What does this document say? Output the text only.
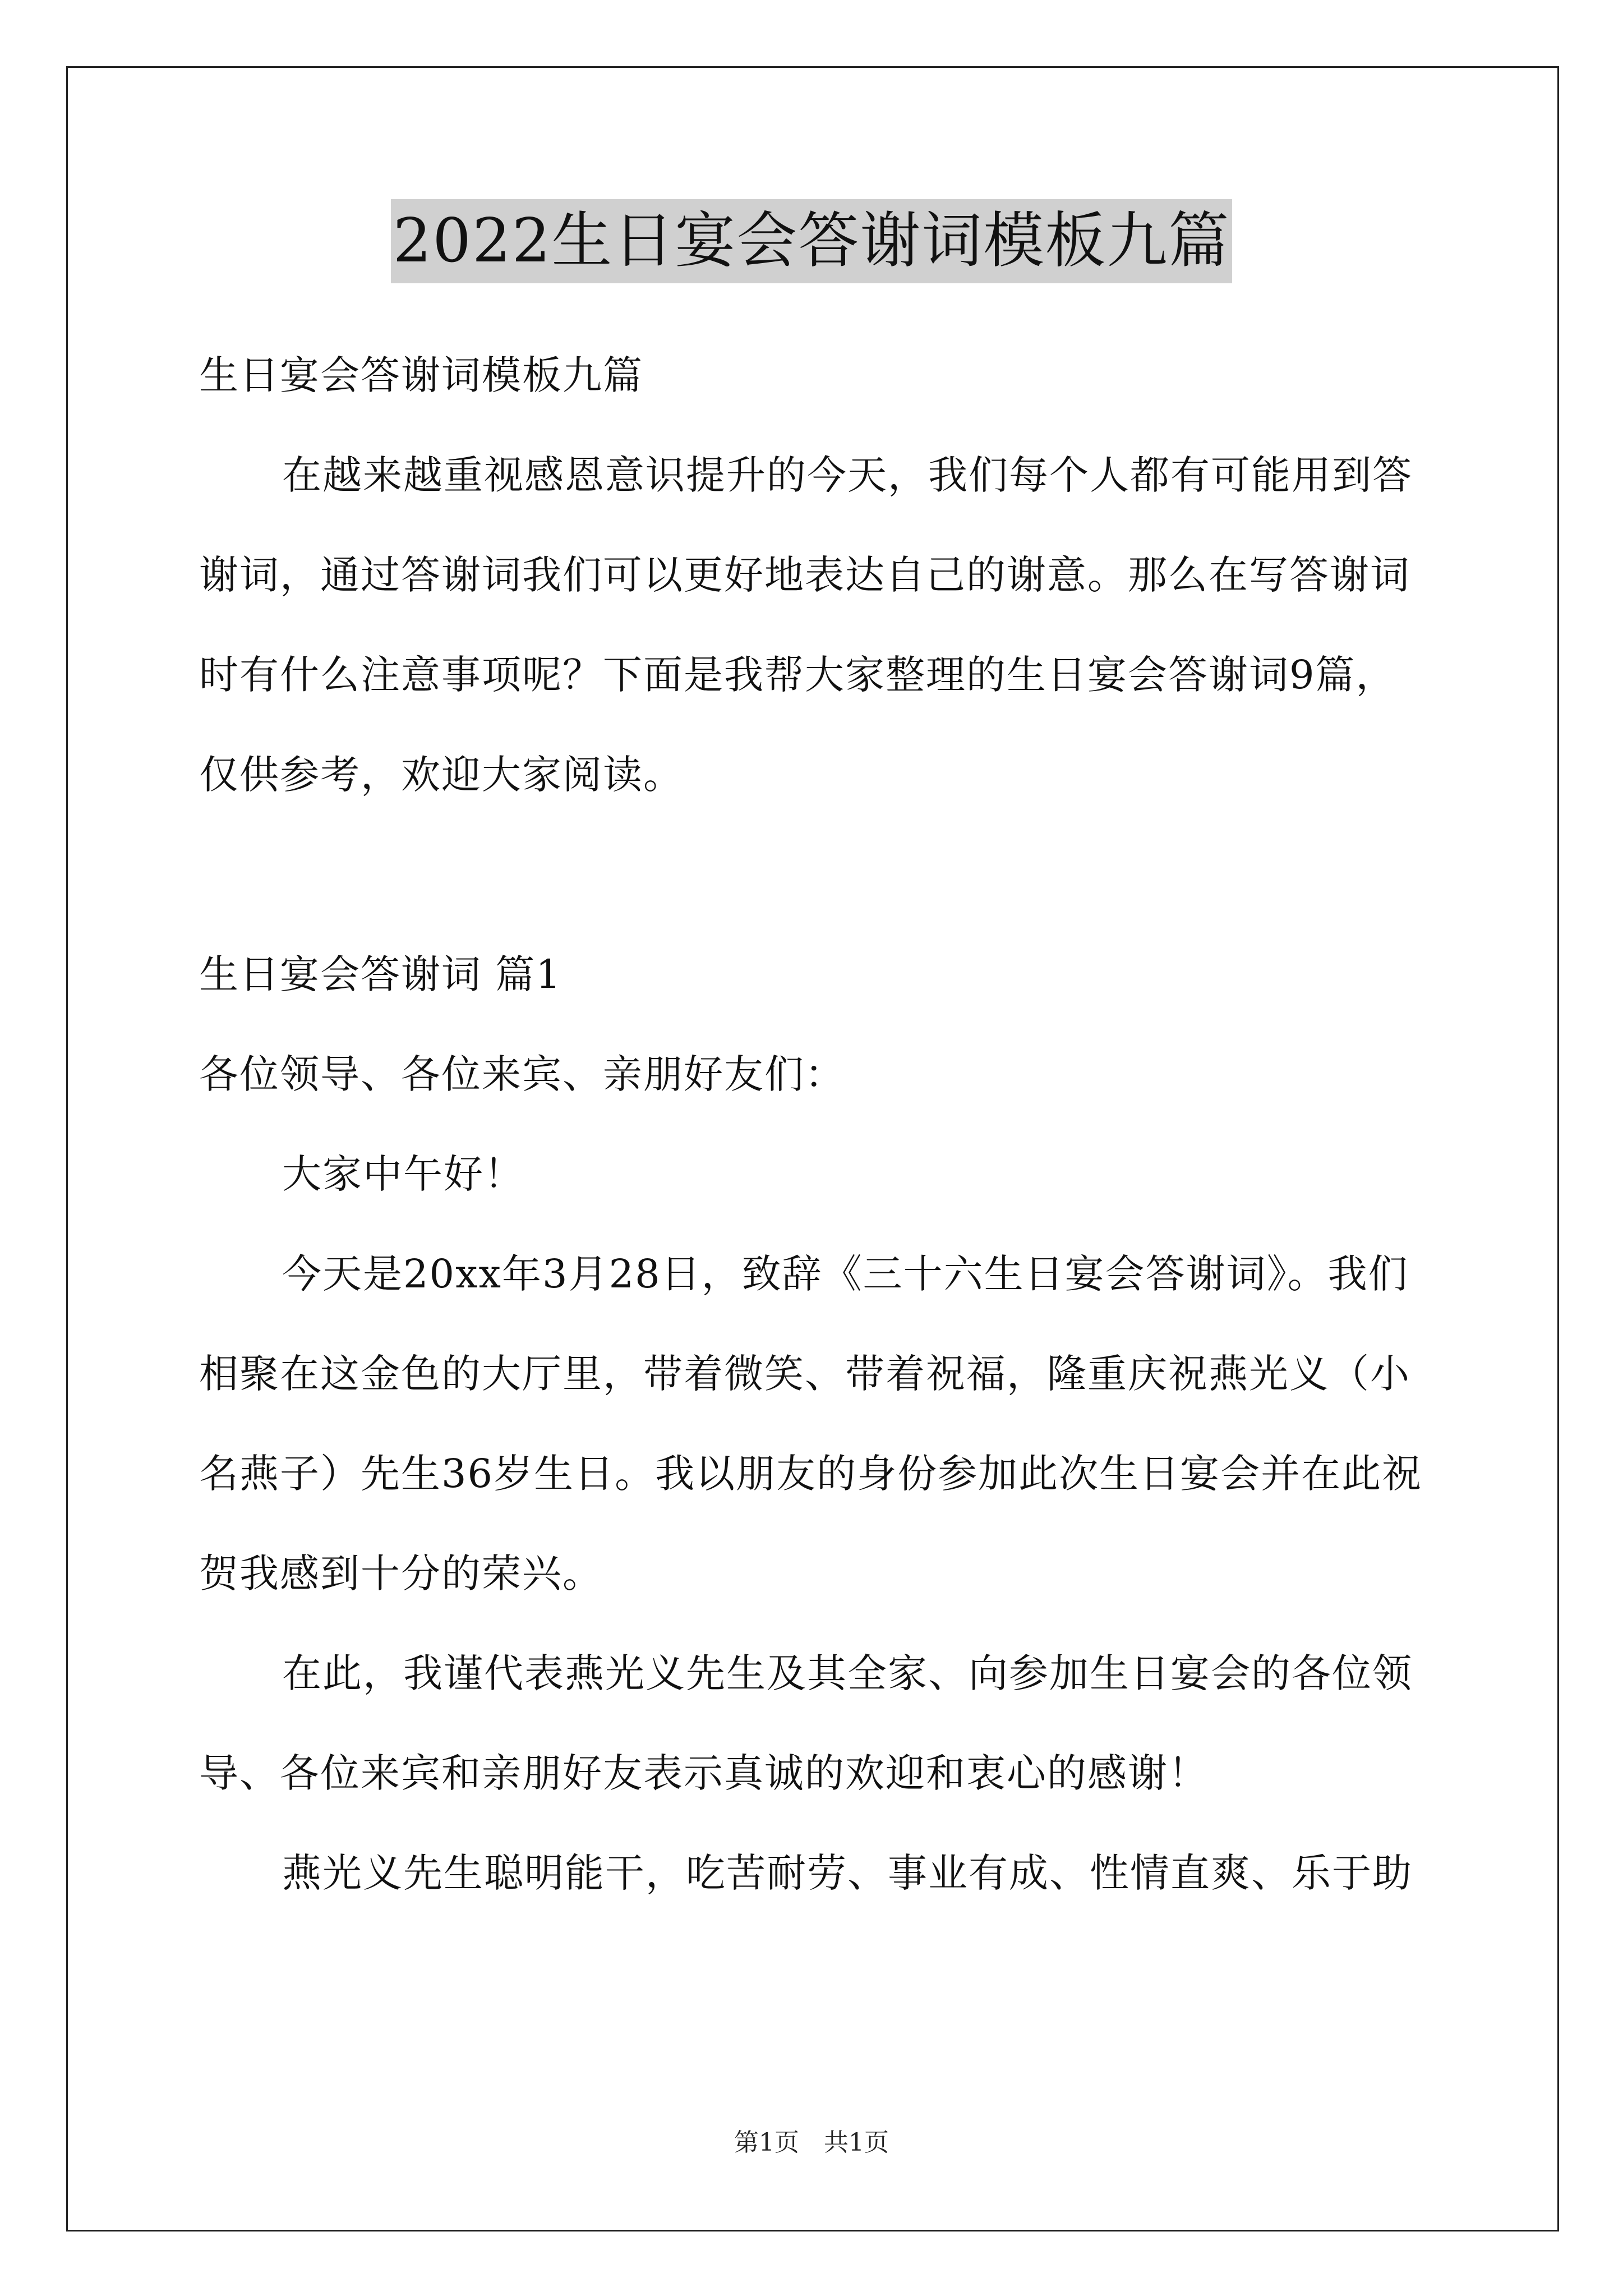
2022生日宴会答谢词模板九篇

生日宴会答谢词模板九篇

在越来越重视感恩意识提升的今天，我们每个人都有可能用到答谢词，通过答谢词我们可以更好地表达自己的谢意。那么在写答谢词时有什么注意事项呢？下面是我帮大家整理的生日宴会答谢词9篇，仅供参考，欢迎大家阅读。

生日宴会答谢词 篇1

各位领导、各位来宾、亲朋好友们：

大家中午好！

今天是20xx年3月28日，致辞《三十六生日宴会答谢词》。我们相聚在这金色的大厅里，带着微笑、带着祝福，隆重庆祝燕光义（小名燕子）先生36岁生日。我以朋友的身份参加此次生日宴会并在此祝贺我感到十分的荣兴。

在此，我谨代表燕光义先生及其全家、向参加生日宴会的各位领导、各位来宾和亲朋好友表示真诚的欢迎和衷心的感谢！

燕光义先生聪明能干，吃苦耐劳、事业有成、性情直爽、乐于助

第1页 共1页
